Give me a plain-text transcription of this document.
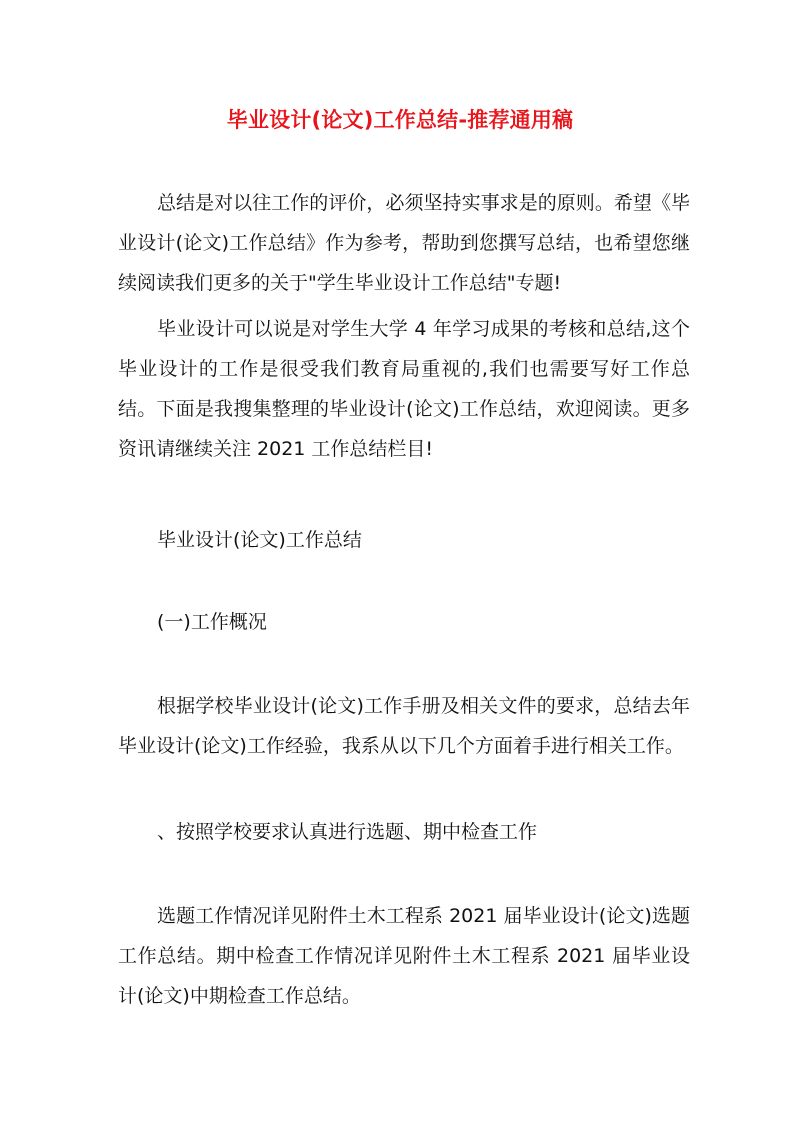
毕业设计(论文)工作总结-推荐通用稿

总结是对以往工作的评价，必须坚持实事求是的原则。希望《毕业设计(论文)工作总结》作为参考，帮助到您撰写总结，也希望您继续阅读我们更多的关于"学生毕业设计工作总结"专题!

毕业设计可以说是对学生大学 4 年学习成果的考核和总结,这个毕业设计的工作是很受我们教育局重视的,我们也需要写好工作总结。下面是我搜集整理的毕业设计(论文)工作总结，欢迎阅读。更多资讯请继续关注 2021 工作总结栏目!

毕业设计(论文)工作总结

(一)工作概况

根据学校毕业设计(论文)工作手册及相关文件的要求，总结去年毕业设计(论文)工作经验，我系从以下几个方面着手进行相关工作。

、按照学校要求认真进行选题、期中检查工作

选题工作情况详见附件土木工程系 2021 届毕业设计(论文)选题工作总结。期中检查工作情况详见附件土木工程系 2021 届毕业设计(论文)中期检查工作总结。
